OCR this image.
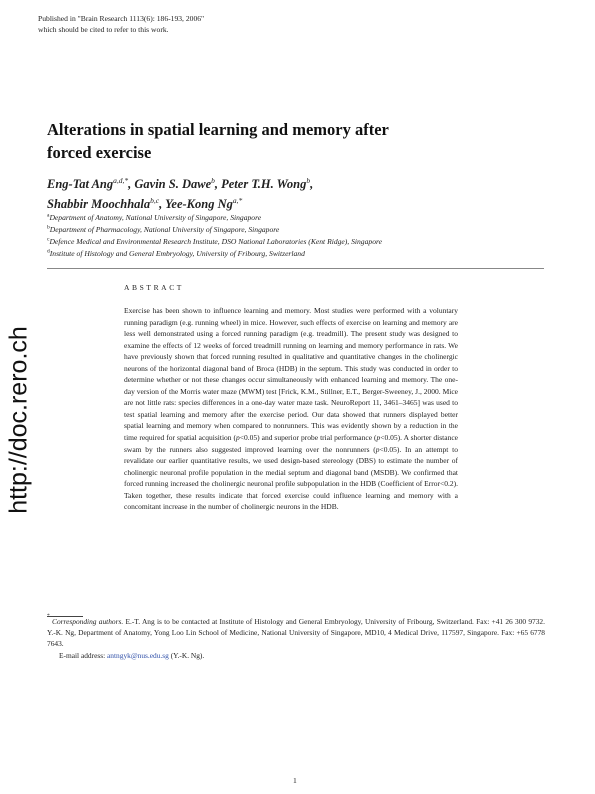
Published in "Brain Research 1113(6): 186-193, 2006"
which should be cited to refer to this work.
http://doc.rero.ch
Alterations in spatial learning and memory after
forced exercise
Eng-Tat Ang$^{a,d,*}$, Gavin S. Dawe$^b$, Peter T.H. Wong$^b$,
Shabbir Moochhala$^{b,c}$, Yee-Kong $Ng^{a,*}$
$^a$Department of Anatomy, National University of Singapore, Singapore
$^b$Department of Pharmacology, National University of Singapore, Singapore
$^c$Defence Medical and Environmental Research Institute, DSO National Laboratories (Kent Ridge), Singapore
$^d$Institute of Histology and General Embryology, University of Fribourg, Switzerland
ABSTRACT
Exercise has been shown to influence learning and memory. Most studies were performed with a voluntary running paradigm (e.g. running wheel) in mice. However, such effects of exercise on learning and memory are less well demonstrated using a forced running paradigm (e.g. treadmill). The present study was designed to examine the effects of 12 weeks of forced treadmill running on learning and memory performance in rats. We have previously shown that forced running resulted in qualitative and quantitative changes in the cholinergic neurons of the horizontal diagonal band of Broca (HDB) in the septum. This study was conducted in order to determine whether or not these changes occur simultaneously with enhanced learning and memory. The one-day version of the Morris water maze (MWM) test [Frick, K.M., Stillner, E.T., Berger-Sweeney, J., 2000. Mice are not little rats: species differences in a one-day water maze task. NeuroReport 11, 3461–3465] was used to test spatial learning and memory after the exercise period. Our data showed that runners displayed better spatial learning and memory when compared to nonrunners. This was evidently shown by a reduction in the time required for spatial acquisition (p<0.05) and superior probe trial performance (p<0.05). A shorter distance swam by the runners also suggested improved learning over the nonrunners (p<0.05). In an attempt to revalidate our earlier quantitative results, we used design-based stereology (DBS) to estimate the number of cholinergic neuronal profile population in the medial septum and diagonal band (MSDB). We confirmed that forced running increased the cholinergic neuronal profile subpopulation in the HDB (Coefficient of Error<0.2). Taken together, these results indicate that forced exercise could influence learning and memory with a concomitant increase in the number of cholinergic neurons in the HDB.
* Corresponding authors. E.-T. Ang is to be contacted at Institute of Histology and General Embryology, University of Fribourg, Switzerland. Fax: +41 26 300 9732. Y.-K. Ng, Department of Anatomy, Yong Loo Lin School of Medicine, National University of Singapore, MD10, 4 Medical Drive, 117597, Singapore. Fax: +65 6778 7643.
E-mail address: antngyk@nus.edu.sg (Y.-K. Ng).
1
